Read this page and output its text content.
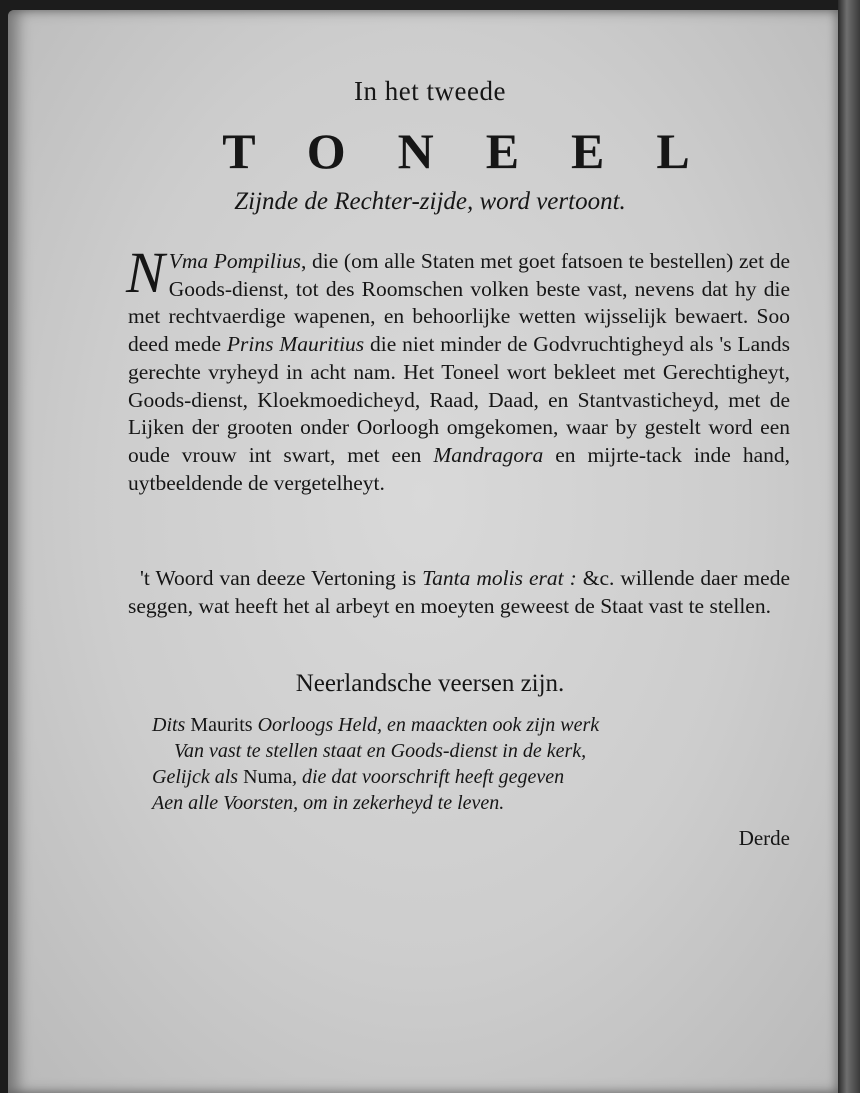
In het tweede
TONEEL
Zijnde de Rechter-zijde, word vertoont.
N Vma Pompilius, die (om alle Staten met goet fatsoen te bestellen) zet de Goods-dienst, tot des Roomschen volken beste vast, nevens dat hy die met rechtvaerdige wapenen, en behoorlijke wetten wijsselijk bewaert. Soo deed mede Prins Mauritius die niet minder de Godvruchtigheyd als 's Lands gerechte vryheyd in acht nam. Het Toneel wort bekleet met Gerechtigheyt, Goods-dienst, Kloekmoedicheyd, Raad, Daad, en Stantvasticheyd, met de Lijken der grooten onder Oorloogh omgekomen, waar by gestelt word een oude vrouw int swart, met een Mandragora en mijrte-tack inde hand, uytbeeldende de vergetelheyt.
't Woord van deeze Vertoning is Tanta molis erat : &c. willende daer mede seggen, wat heeft het al arbeyt en moeyten geweest de Staat vast te stellen.
Neerlandsche veersen zijn.
Dits Maurits Oorloogs Held, en maackten ook zijn werk
Van vast te stellen staat en Goods-dienst in de kerk,
Gelijck als Numa, die dat voorschrift heeft gegeven
Aen alle Voorsten, om in zekerheyd te leven.
Derde
